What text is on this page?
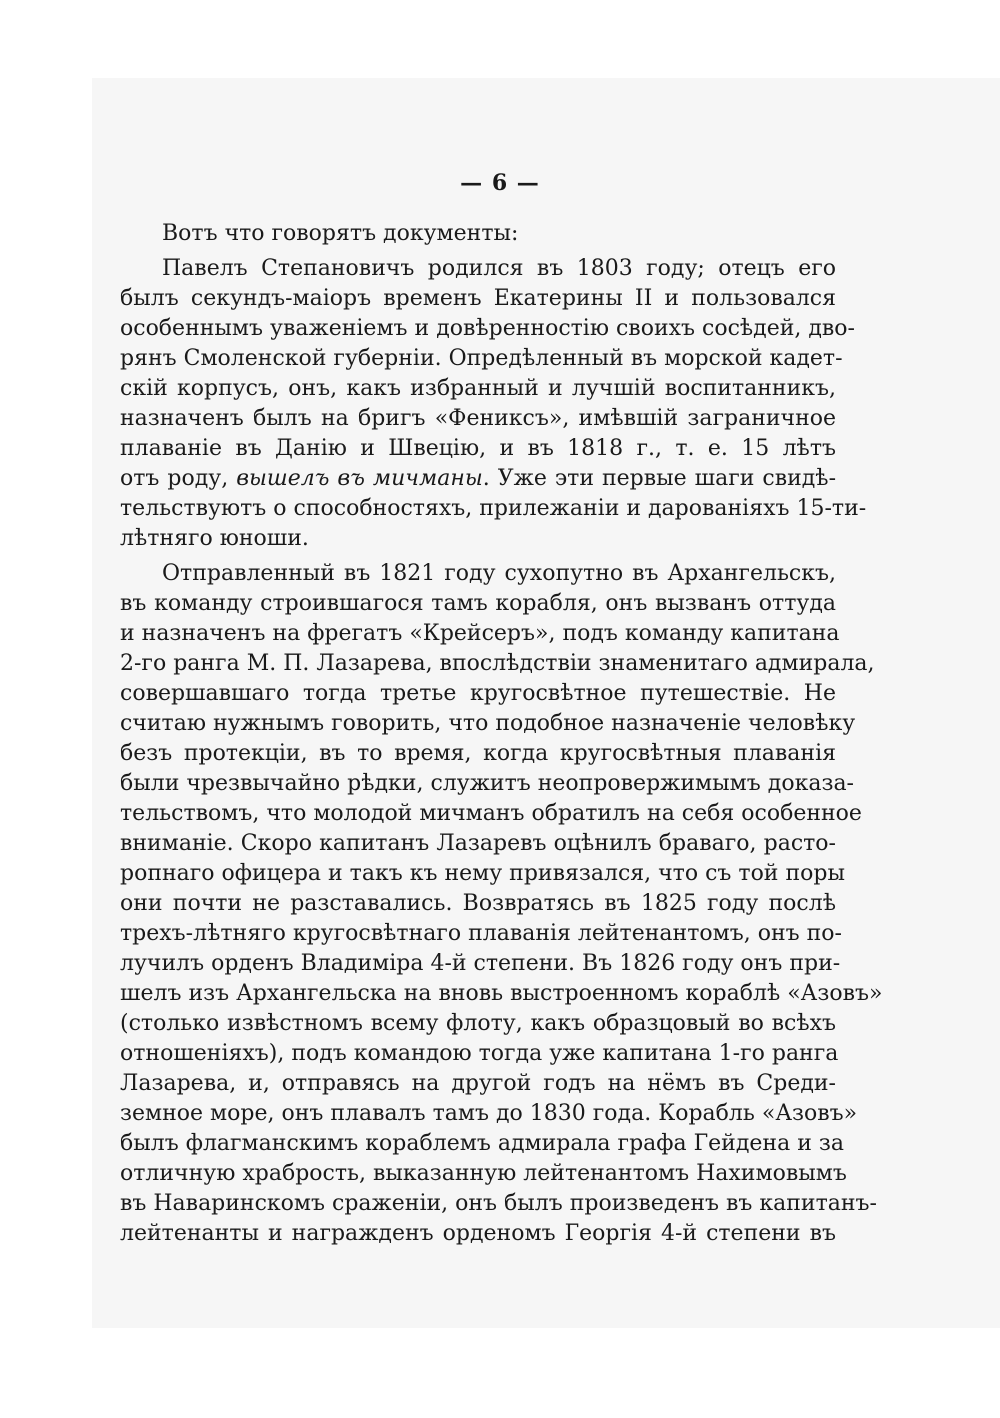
— 6 —
Вотъ что говорятъ документы:
Павелъ Степановичъ родился въ 1803 году; отецъ его
былъ секундъ-маіоръ временъ Екатерины II и пользовался
особеннымъ уваженіемъ и довѣренностію своихъ сосѣдей, дво-
рянъ Смоленской губерніи. Опредѣленный въ морской кадет-
скій корпусъ, онъ, какъ избранный и лучшій воспитанникъ,
назначенъ былъ на бригъ «Фениксъ», имѣвшій заграничное
плаваніе въ Данію и Швецію, и въ 1818 г., т. е. 15 лѣтъ
отъ роду, вышелъ въ мичманы. Уже эти первые шаги свидѣ-
тельствуютъ о способностяхъ, прилежаніи и дарованіяхъ 15-ти-
лѣтняго юноши.
Отправленный въ 1821 году сухопутно въ Архангельскъ,
въ команду строившагося тамъ корабля, онъ вызванъ оттуда
и назначенъ на фрегатъ «Крейсеръ», подъ команду капитана
2-го ранга М. П. Лазарева, впослѣдствіи знаменитаго адмирала,
совершавшаго тогда третье кругосвѣтное путешествіе. Не
считаю нужнымъ говорить, что подобное назначеніе человѣку
безъ протекціи, въ то время, когда кругосвѣтныя плаванія
были чрезвычайно рѣдки, служитъ неопровержимымъ доказа-
тельствомъ, что молодой мичманъ обратилъ на себя особенное
вниманіе. Скоро капитанъ Лазаревъ оцѣнилъ браваго, расто-
ропнаго офицера и такъ къ нему привязался, что съ той поры
они почти не разставались. Возвратясь въ 1825 году послѣ
трехъ-лѣтняго кругосвѣтнаго плаванія лейтенантомъ, онъ по-
лучилъ орденъ Владиміра 4-й степени. Въ 1826 году онъ при-
шелъ изъ Архангельска на вновь выстроенномъ кораблѣ «Азовъ»
(столько извѣстномъ всему флоту, какъ образцовый во всѣхъ
отношеніяхъ), подъ командою тогда уже капитана 1-го ранга
Лазарева, и, отправясь на другой годъ на нёмъ въ Среди-
земное море, онъ плавалъ тамъ до 1830 года. Корабль «Азовъ»
былъ флагманскимъ кораблемъ адмирала графа Гейдена и за
отличную храбрость, выказанную лейтенантомъ Нахимовымъ
въ Наваринскомъ сраженіи, онъ былъ произведенъ въ капитанъ-
лейтенанты и награжденъ орденомъ Георгія 4-й степени въ
